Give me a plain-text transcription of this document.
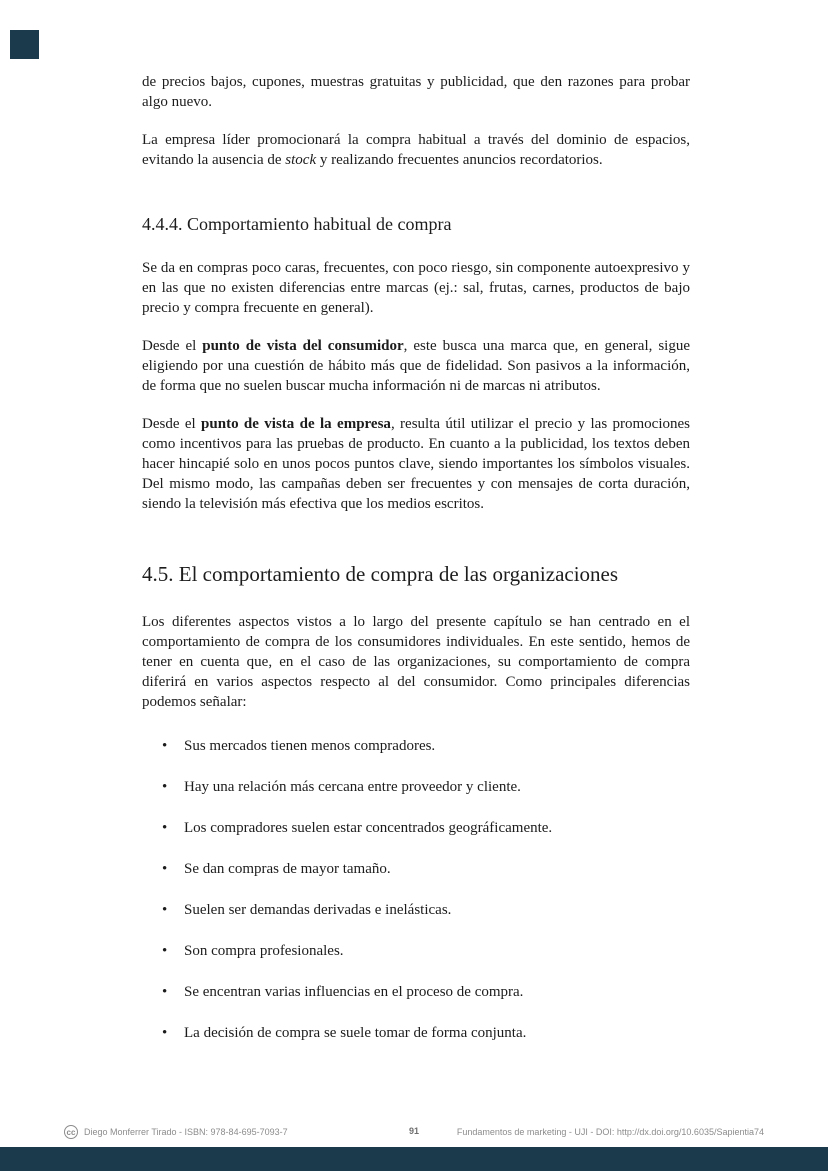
de precios bajos, cupones, muestras gratuitas y publicidad, que den razones para probar algo nuevo.

La empresa líder promocionará la compra habitual a través del dominio de espacios, evitando la ausencia de stock y realizando frecuentes anuncios recordatorios.

4.4.4. Comportamiento habitual de compra

Se da en compras poco caras, frecuentes, con poco riesgo, sin componente autoexpresivo y en las que no existen diferencias entre marcas (ej.: sal, frutas, carnes, productos de bajo precio y compra frecuente en general).

Desde el punto de vista del consumidor, este busca una marca que, en general, sigue eligiendo por una cuestión de hábito más que de fidelidad. Son pasivos a la información, de forma que no suelen buscar mucha información ni de marcas ni atributos.

Desde el punto de vista de la empresa, resulta útil utilizar el precio y las promociones como incentivos para las pruebas de producto. En cuanto a la publicidad, los textos deben hacer hincapié solo en unos pocos puntos clave, siendo importantes los símbolos visuales. Del mismo modo, las campañas deben ser frecuentes y con mensajes de corta duración, siendo la televisión más efectiva que los medios escritos.

4.5. El comportamiento de compra de las organizaciones

Los diferentes aspectos vistos a lo largo del presente capítulo se han centrado en el comportamiento de compra de los consumidores individuales. En este sentido, hemos de tener en cuenta que, en el caso de las organizaciones, su comportamiento de compra diferirá en varios aspectos respecto al del consumidor. Como principales diferencias podemos señalar:

•	Sus mercados tienen menos compradores.
•	Hay una relación más cercana entre proveedor y cliente.
•	Los compradores suelen estar concentrados geográficamente.
•	Se dan compras de mayor tamaño.
•	Suelen ser demandas derivadas e inelásticas.
•	Son compra profesionales.
•	Se encentran varias influencias en el proceso de compra.
•	La decisión de compra se suele tomar de forma conjunta.
cc Diego Monferrer Tirado - ISBN: 978-84-695-7093-7	91	Fundamentos de marketing - UJI - DOI: http://dx.doi.org/10.6035/Sapientia74
